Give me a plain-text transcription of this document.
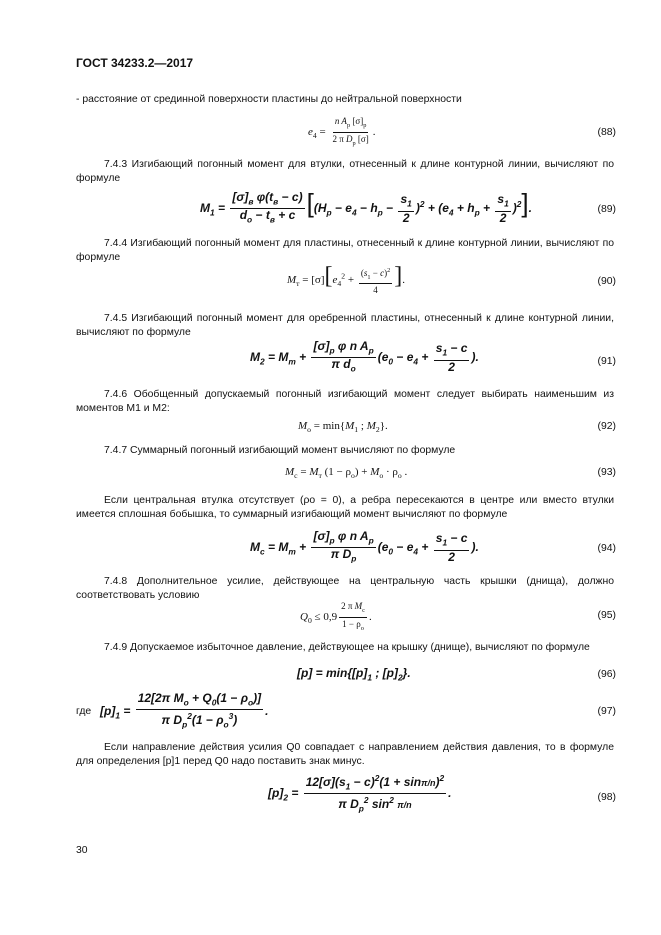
ГОСТ 34233.2—2017
- расстояние от срединной поверхности пластины до нейтральной поверхности
$e_4 = \frac{n A_p [\sigma]_p}{2 \pi D_p [\sigma]}$ .	(88)
7.4.3 Изгибающий погонный момент для втулки, отнесенный к длине контурной линии, вычисляют по формуле
$M_1$ =
$[\sigma]_в$ $\varphi(t_в - c)$
$d_o - t_в + c$ $[(H_p - e_4 - h_p - \frac{s_1}{2} )^2 + (e_4 + h_p + \frac{s_1}{2} )^2]$.	(89)
7.4.4 Изгибающий погонный момент для пластины, отнесенный к длине контурной линии, вычисляют по формуле
$M_т = [\sigma][e_4^2 + \frac{(s_1 - c)^2}{4}$ ].	(90)
7.4.5 Изгибающий погонный момент для оребренной пластины, отнесенный к длине контурной линии, вычисляют по формуле
$M_2 = M_т + \frac{[\sigma]_p \varphi n A_p}{\pi d_o} (e_0 - e_4 + \frac{s_1 - c}{2}$ ).	(91)
7.4.6 Обобщенный допускаемый погонный изгибающий момент следует выбирать наименьшим из моментов M1 и M2:
$M_о = \min\{M_1$ ; $M_2$}.	(92)
7.4.7 Суммарный погонный изгибающий момент вычисляют по формуле
$M_c = M_т$ $(1 - \rho_o) + M_o \cdot \rho_o$ .	(93)
Если центральная втулка отсутствует (ρo = 0), а ребра пересекаются в центре или вместо втулки имеется сплошная бобышка, то суммарный изгибающий момент вычисляют по формуле
$M_c = M_т + \frac{[\sigma]_p \varphi n A_p}{\pi D_p} (e_0 - e_4 + \frac{s_1 - c}{2}$ ).	(94)
7.4.8 Дополнительное усилие, действующее на центральную часть крышки (днища), должно соответствовать условию
$Q_0 \le 0,9 \frac{2 \pi M_c}{1 - \rho_o}$ .	(95)
7.4.9 Допускаемое избыточное давление, действующее на крышку (днище), вычисляют по формуле
$[p] = \min\{[p]_1$ ; $[p]_2$}.	(96)
где $[p]_1 = \frac{12[2\pi M_o + Q_0(1 - \rho_o)]}{\pi D_p^2(1 - \rho_o^3)}$ .	(97)
Если направление действия усилия Q0 совпадает с направлением действия давления, то в формуле для определения [p]1 перед Q0 надо поставить знак минус.
$[p]_2 = \frac{12[\sigma](s_1 - c)^2(1 + \sin\pi/n)^2}{\pi D_p^2 \sin^2 \pi/n}$ .	(98)
30
